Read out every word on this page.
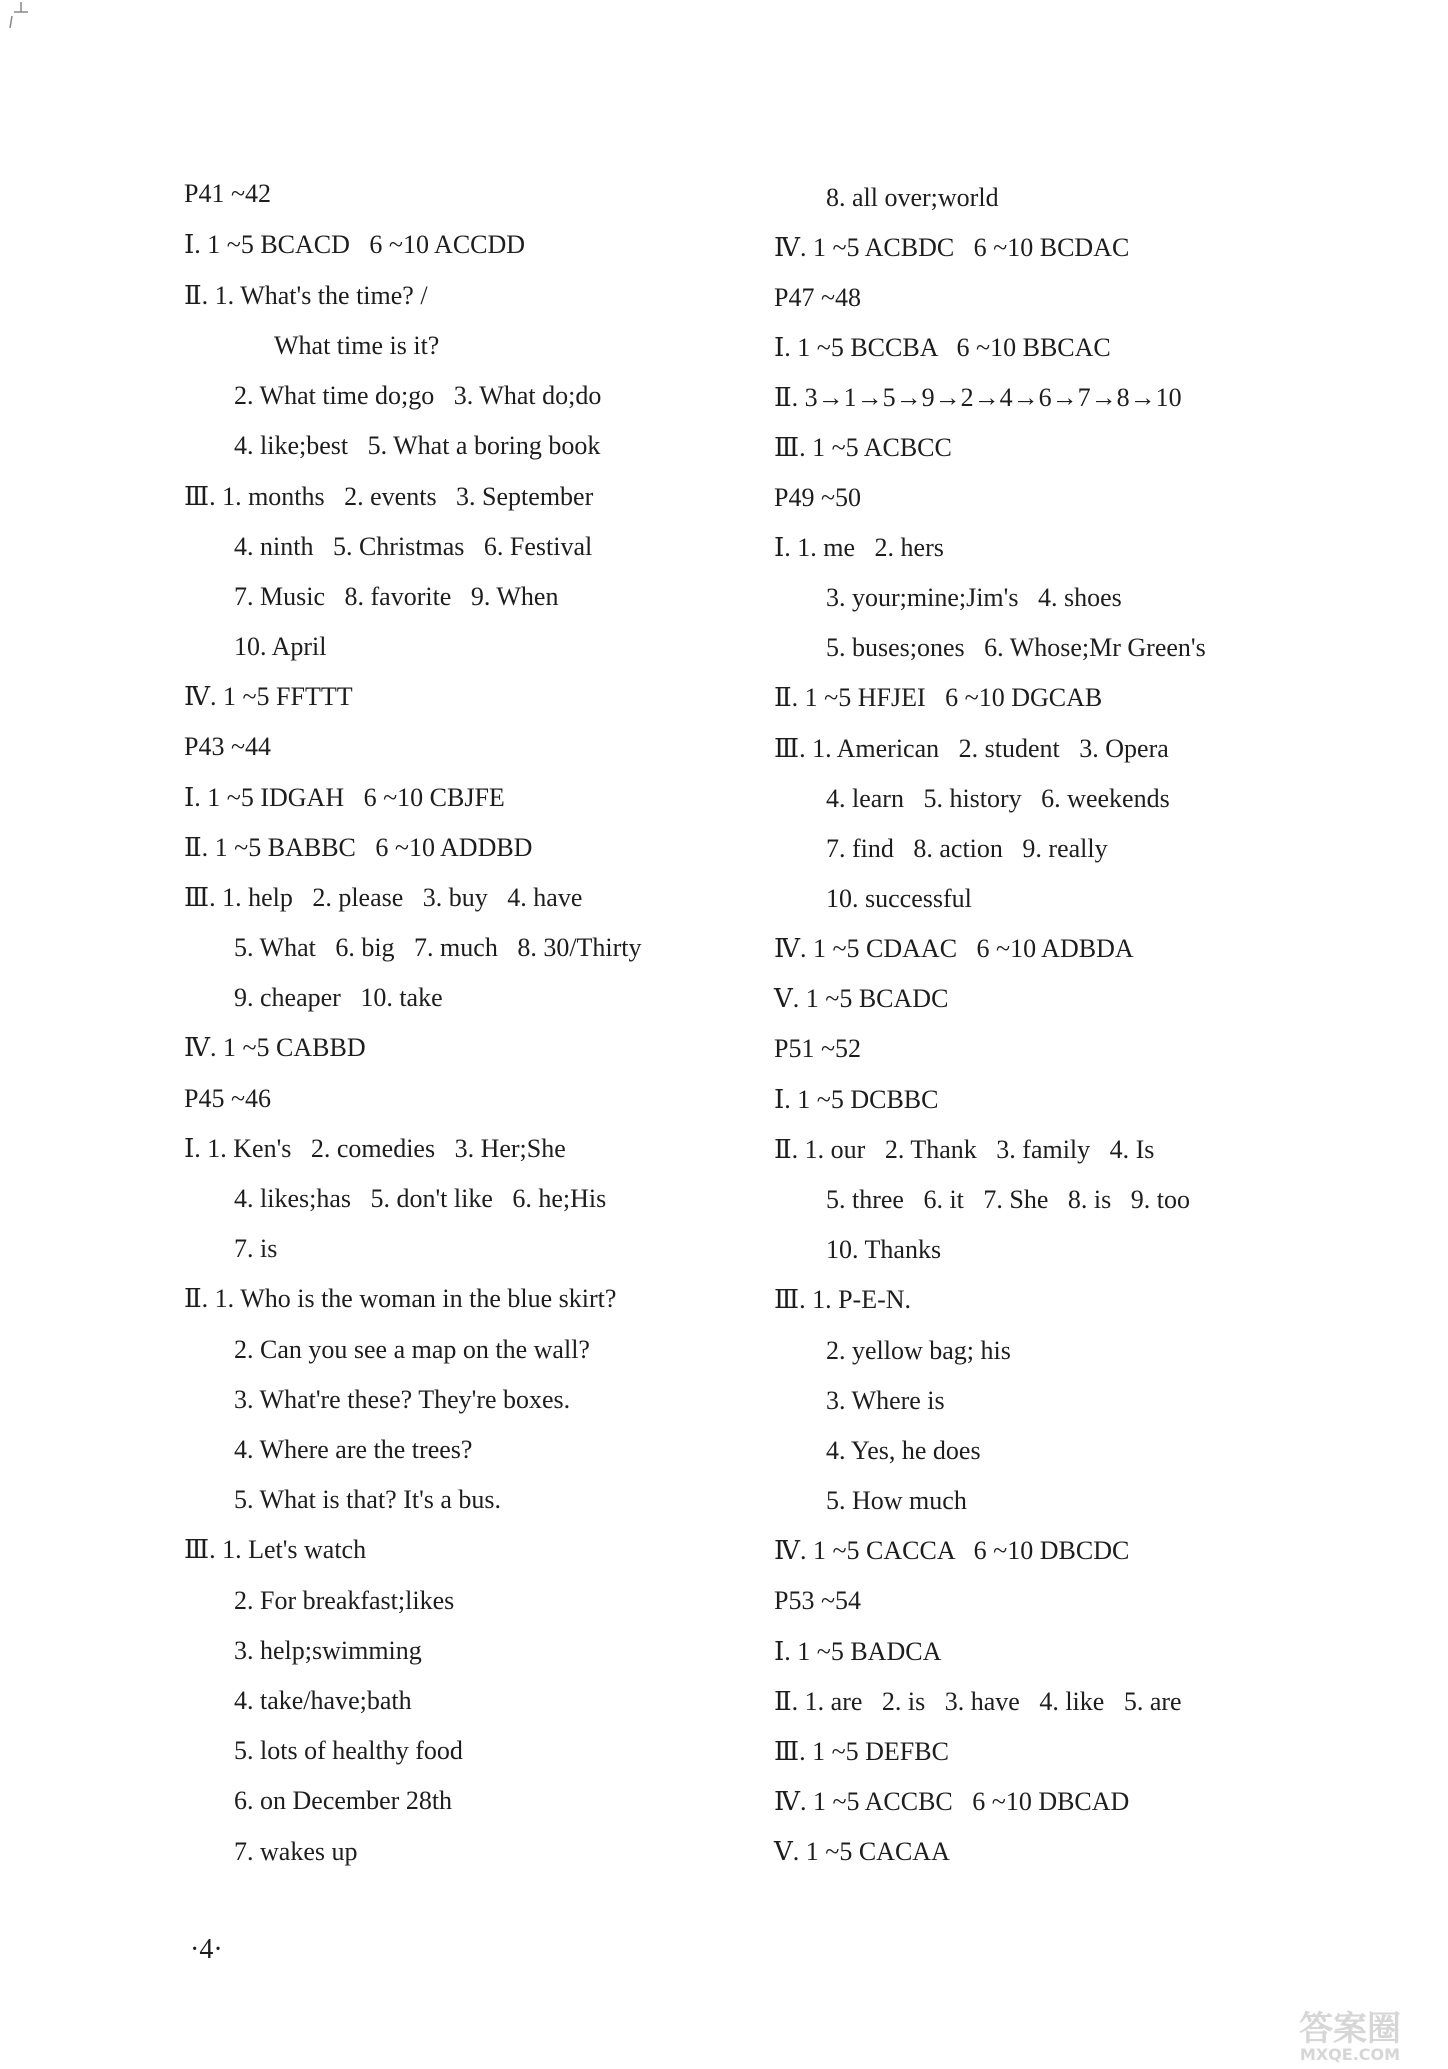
P41 ~42
Ⅰ. 1 ~5 BCACD   6 ~10 ACCDD
Ⅱ. 1. What's the time? /
What time is it?
2. What time do;go   3. What do;do
4. like;best   5. What a boring book
Ⅲ. 1. months   2. events   3. September
4. ninth   5. Christmas   6. Festival
7. Music   8. favorite   9. When
10. April
Ⅳ. 1 ~5 FFTTT
P43 ~44
Ⅰ. 1 ~5 IDGAH   6 ~10 CBJFE
Ⅱ. 1 ~5 BABBC   6 ~10 ADDBD
Ⅲ. 1. help   2. please   3. buy   4. have
5. What   6. big   7. much   8. 30/Thirty
9. cheaper   10. take
Ⅳ. 1 ~5 CABBD
P45 ~46
Ⅰ. 1. Ken's   2. comedies   3. Her;She
4. likes;has   5. don't like   6. he;His
7. is
Ⅱ. 1. Who is the woman in the blue skirt?
2. Can you see a map on the wall?
3. What're these? They're boxes.
4. Where are the trees?
5. What is that? It's a bus.
Ⅲ. 1. Let's watch
2. For breakfast;likes
3. help;swimming
4. take/have;bath
5. lots of healthy food
6. on December 28th
7. wakes up
8. all over;world
Ⅳ. 1 ~5 ACBDC   6 ~10 BCDAC
P47 ~48
Ⅰ. 1 ~5 BCCBA   6 ~10 BBCAC
Ⅱ. 3→1→5→9→2→4→6→7→8→10
Ⅲ. 1 ~5 ACBCC
P49 ~50
Ⅰ. 1. me   2. hers
3. your;mine;Jim's   4. shoes
5. buses;ones   6. Whose;Mr Green's
Ⅱ. 1 ~5 HFJEI   6 ~10 DGCAB
Ⅲ. 1. American   2. student   3. Opera
4. learn   5. history   6. weekends
7. find   8. action   9. really
10. successful
Ⅳ. 1 ~5 CDAAC   6 ~10 ADBDA
Ⅴ. 1 ~5 BCADC
P51 ~52
Ⅰ. 1 ~5 DCBBC
Ⅱ. 1. our   2. Thank   3. family   4. Is
5. three   6. it   7. She   8. is   9. too
10. Thanks
Ⅲ. 1. P-E-N.
2. yellow bag; his
3. Where is
4. Yes, he does
5. How much
Ⅳ. 1 ~5 CACCA   6 ~10 DBCDC
P53 ~54
Ⅰ. 1 ~5 BADCA
Ⅱ. 1. are   2. is   3. have   4. like   5. are
Ⅲ. 1 ~5 DEFBC
Ⅳ. 1 ~5 ACCBC   6 ~10 DBCAD
Ⅴ. 1 ~5 CACAA
·4·
答案圈
MXQE.COM
